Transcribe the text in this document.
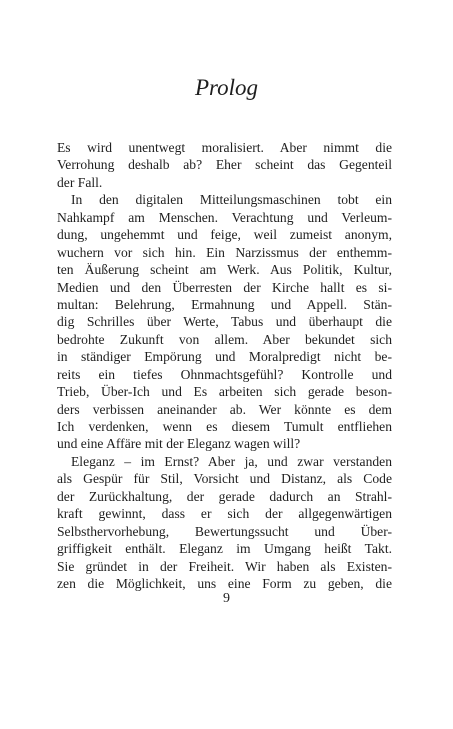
Prolog
Es wird unentwegt moralisiert. Aber nimmt die
Verrohung deshalb ab? Eher scheint das Gegenteil
der Fall.
In den digitalen Mitteilungsmaschinen tobt ein
Nahkampf am Menschen. Verachtung und Verleum-
dung, ungehemmt und feige, weil zumeist anonym,
wuchern vor sich hin. Ein Narzissmus der enthemm-
ten Äußerung scheint am Werk. Aus Politik, Kultur,
Medien und den Überresten der Kirche hallt es si-
multan: Belehrung, Ermahnung und Appell. Stän-
dig Schrilles über Werte, Tabus und überhaupt die
bedrohte Zukunft von allem. Aber bekundet sich
in ständiger Empörung und Moralpredigt nicht be-
reits ein tiefes Ohnmachtsgefühl? Kontrolle und
Trieb, Über-Ich und Es arbeiten sich gerade beson-
ders verbissen aneinander ab. Wer könnte es dem
Ich verdenken, wenn es diesem Tumult entfliehen
und eine Affäre mit der Eleganz wagen will?
Eleganz – im Ernst? Aber ja, und zwar verstanden
als Gespür für Stil, Vorsicht und Distanz, als Code
der Zurückhaltung, der gerade dadurch an Strahl-
kraft gewinnt, dass er sich der allgegenwärtigen
Selbsthervorhebung, Bewertungssucht und Über-
griffigkeit enthält. Eleganz im Umgang heißt Takt.
Sie gründet in der Freiheit. Wir haben als Existen-
zen die Möglichkeit, uns eine Form zu geben, die
9
